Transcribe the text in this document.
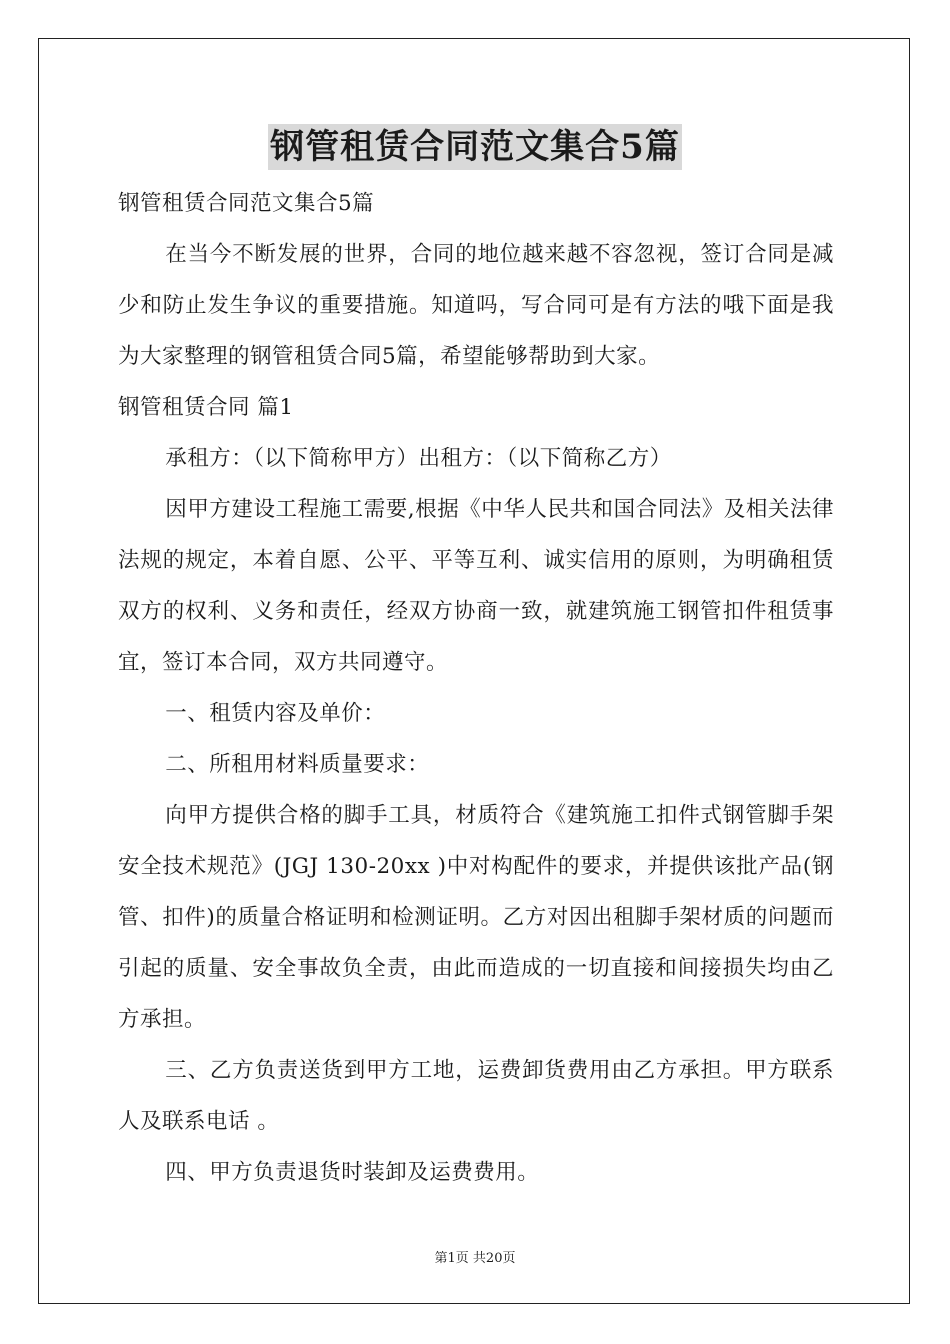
钢管租赁合同范文集合5篇

钢管租赁合同范文集合5篇

在当今不断发展的世界，合同的地位越来越不容忽视，签订合同是减少和防止发生争议的重要措施。知道吗，写合同可是有方法的哦下面是我为大家整理的钢管租赁合同5篇，希望能够帮助到大家。

钢管租赁合同 篇1

承租方：（以下简称甲方）出租方：（以下简称乙方）

因甲方建设工程施工需要,根据《中华人民共和国合同法》及相关法律法规的规定，本着自愿、公平、平等互利、诚实信用的原则，为明确租赁双方的权利、义务和责任，经双方协商一致，就建筑施工钢管扣件租赁事宜，签订本合同，双方共同遵守。

一、租赁内容及单价：

二、所租用材料质量要求：

向甲方提供合格的脚手工具，材质符合《建筑施工扣件式钢管脚手架安全技术规范》(JGJ 130-20xx )中对构配件的要求，并提供该批产品(钢管、扣件)的质量合格证明和检测证明。乙方对因出租脚手架材质的问题而引起的质量、安全事故负全责，由此而造成的一切直接和间接损失均由乙方承担。

三、乙方负责送货到甲方工地，运费卸货费用由乙方承担。甲方联系人及联系电话 。

四、甲方负责退货时装卸及运费费用。

第1页 共20页
